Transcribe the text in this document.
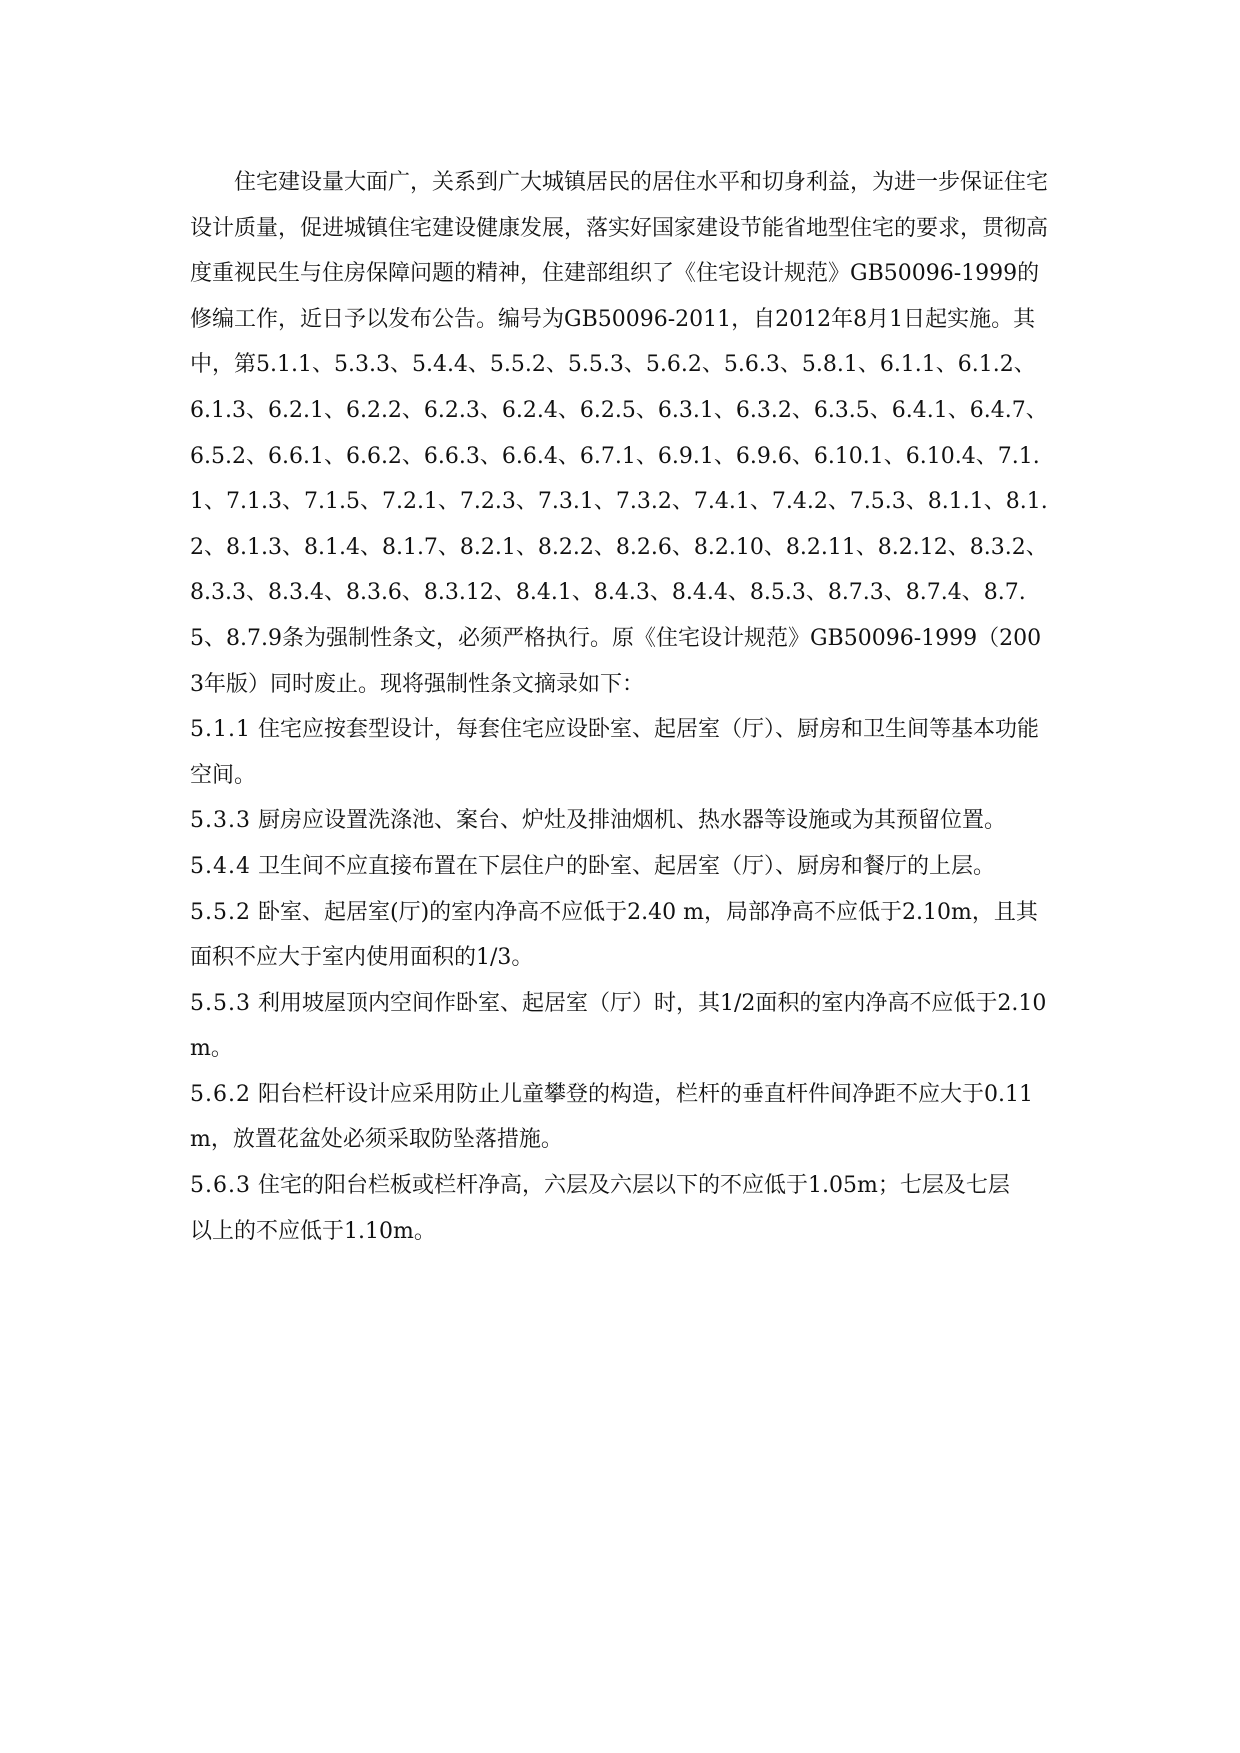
住宅建设量大面广，关系到广大城镇居民的居住水平和切身利益，为进一步保证住宅设计质量，促进城镇住宅建设健康发展，落实好国家建设节能省地型住宅的要求，贯彻高度重视民生与住房保障问题的精神，住建部组织了《住宅设计规范》GB50096-1999的修编工作，近日予以发布公告。编号为GB50096-2011，自2012年8月1日起实施。其中，第5.1.1、5.3.3、5.4.4、5.5.2、5.5.3、5.6.2、5.6.3、5.8.1、6.1.1、6.1.2、6.1.3、6.2.1、6.2.2、6.2.3、6.2.4、6.2.5、6.3.1、6.3.2、6.3.5、6.4.1、6.4.7、6.5.2、6.6.1、6.6.2、6.6.3、6.6.4、6.7.1、6.9.1、6.9.6、6.10.1、6.10.4、7.1.1、7.1.3、7.1.5、7.2.1、7.2.3、7.3.1、7.3.2、7.4.1、7.4.2、7.5.3、8.1.1、8.1.2、8.1.3、8.1.4、8.1.7、8.2.1、8.2.2、8.2.6、8.2.10、8.2.11、8.2.12、8.3.2、8.3.3、8.3.4、8.3.6、8.3.12、8.4.1、8.4.3、8.4.4、8.5.3、8.7.3、8.7.4、8.7.5、8.7.9条为强制性条文，必须严格执行。原《住宅设计规范》GB50096-1999（2003年版）同时废止。现将强制性条文摘录如下：

5.1.1 住宅应按套型设计，每套住宅应设卧室、起居室（厅）、厨房和卫生间等基本功能空间。

5.3.3 厨房应设置洗涤池、案台、炉灶及排油烟机、热水器等设施或为其预留位置。

5.4.4 卫生间不应直接布置在下层住户的卧室、起居室（厅）、厨房和餐厅的上层。

5.5.2 卧室、起居室(厅)的室内净高不应低于2.40 m，局部净高不应低于2.10m，且其面积不应大于室内使用面积的1/3。

5.5.3 利用坡屋顶内空间作卧室、起居室（厅）时，其1/2面积的室内净高不应低于2.10 m。

5.6.2 阳台栏杆设计应采用防止儿童攀登的构造，栏杆的垂直杆件间净距不应大于0.11m，放置花盆处必须采取防坠落措施。

5.6.3 住宅的阳台栏板或栏杆净高，六层及六层以下的不应低于1.05m；七层及七层　　以上的不应低于1.10m。
